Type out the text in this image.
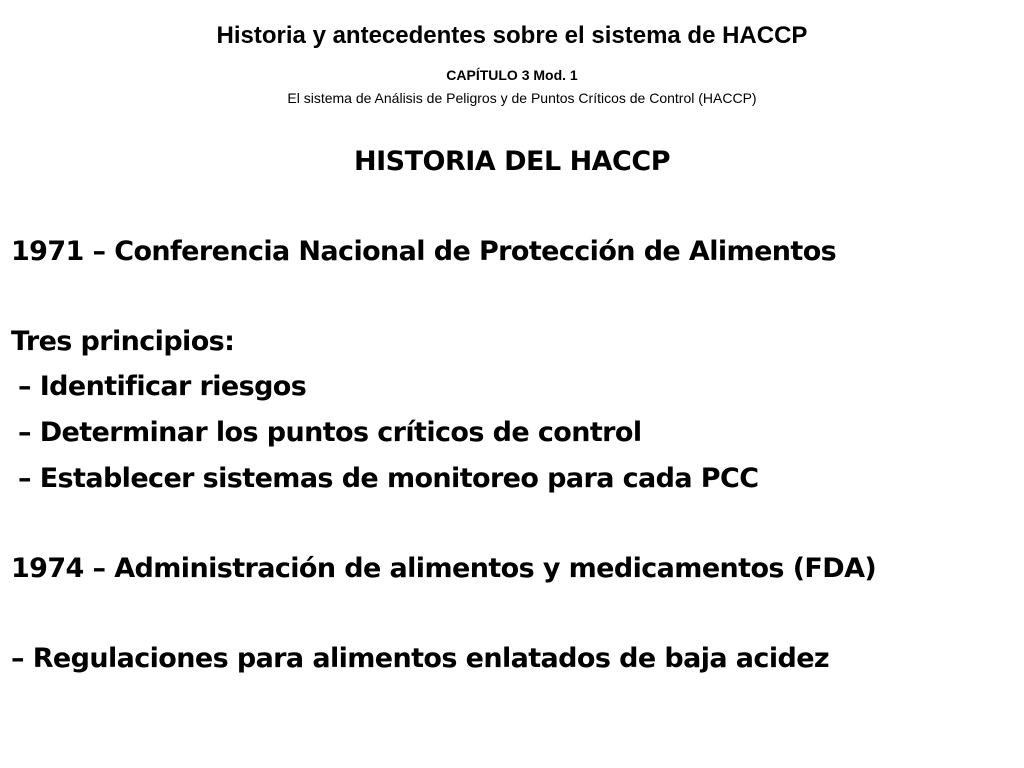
Historia y antecedentes sobre el sistema de HACCP
CAPÍTULO 3 Mod. 1
El sistema de Análisis de Peligros y de Puntos Críticos de Control (HACCP)
HISTORIA DEL HACCP
1971 – Conferencia Nacional de Protección de Alimentos
Tres principios:
– Identificar riesgos
– Determinar los puntos críticos de control
– Establecer sistemas de monitoreo para cada PCC
1974 – Administración de alimentos y medicamentos (FDA)
– Regulaciones para alimentos enlatados de baja acidez
